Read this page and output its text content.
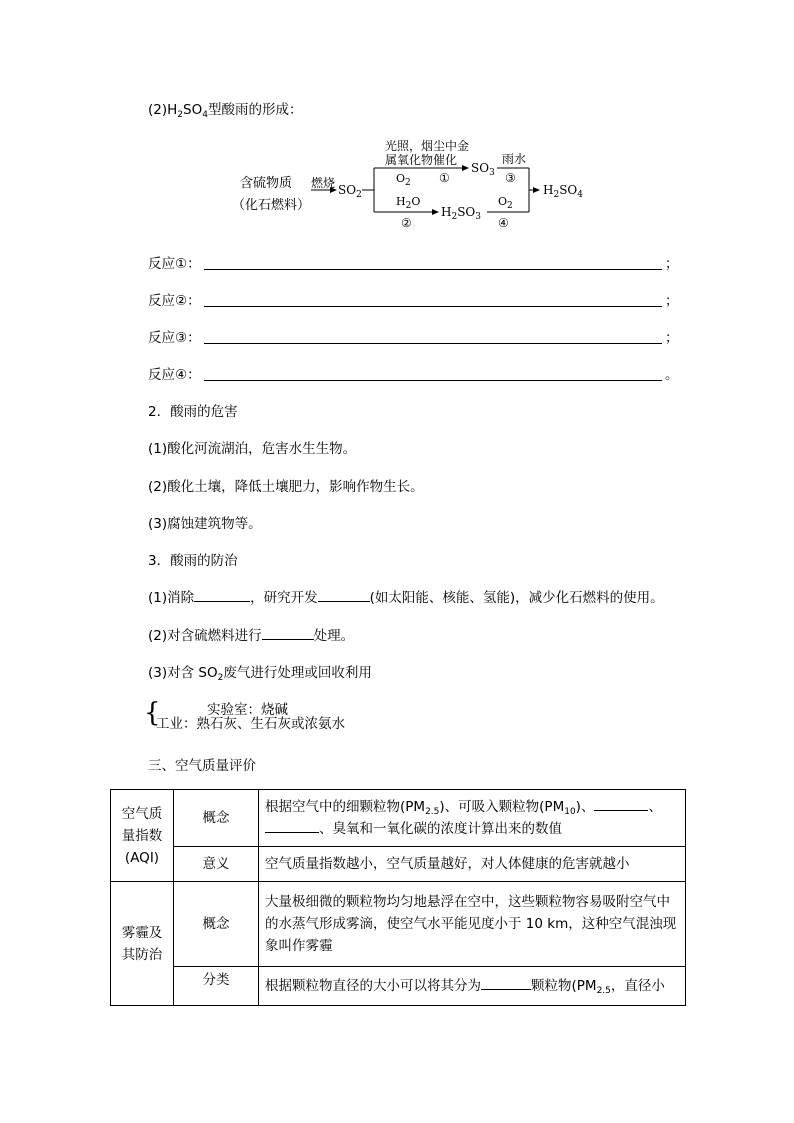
$(2)H_2SO_4$型酸雨的形成：
含硫物质
（化石燃料）
燃烧 $SO_2$
光照，烟尘中金
属氧化物催化
$O_2$ ①
$SO_3$
雨水
③
$H_2O$
②
$H_2SO_3$
$O_2$
④
$H_2SO_4$
反应①：	；
反应②：	；
反应③：	；
反应④：	。
2．酸雨的危害
(1)酸化河流湖泊，危害水生生物。
(2)酸化土壤，降低土壤肥力，影响作物生长。
(3)腐蚀建筑物等。
3．酸雨的防治
(1)消除	，研究开发	(如太阳能、核能、氢能)，减少化石燃料的使用。
(2)对含硫燃料进行	处理。
(3)对含 $SO_2$废气进行处理或回收利用
{	实验室：烧碱
工业：熟石灰、生石灰或浓氨水
三、空气质量评价
空气质量指数(AQI)	概念	根据空气中的细颗粒物$(PM_{2.5})$、可吸入颗粒物$(PM_{10})$、 、
、臭氧和一氧化碳的浓度计算出来的数值
	意义	空气质量指数越小，空气质量越好，对人体健康的危害就越小
雾霾及其防治	概念	大量极细微的颗粒物均匀地悬浮在空中，这些颗粒物容易吸附空气中的水蒸气形成雾滴，使空气水平能见度小于 10 km，这种空气混浊现象叫作雾霾
	分类	根据颗粒物直径的大小可以将其分为 颗粒物($PM_{2.5}$，直径小
